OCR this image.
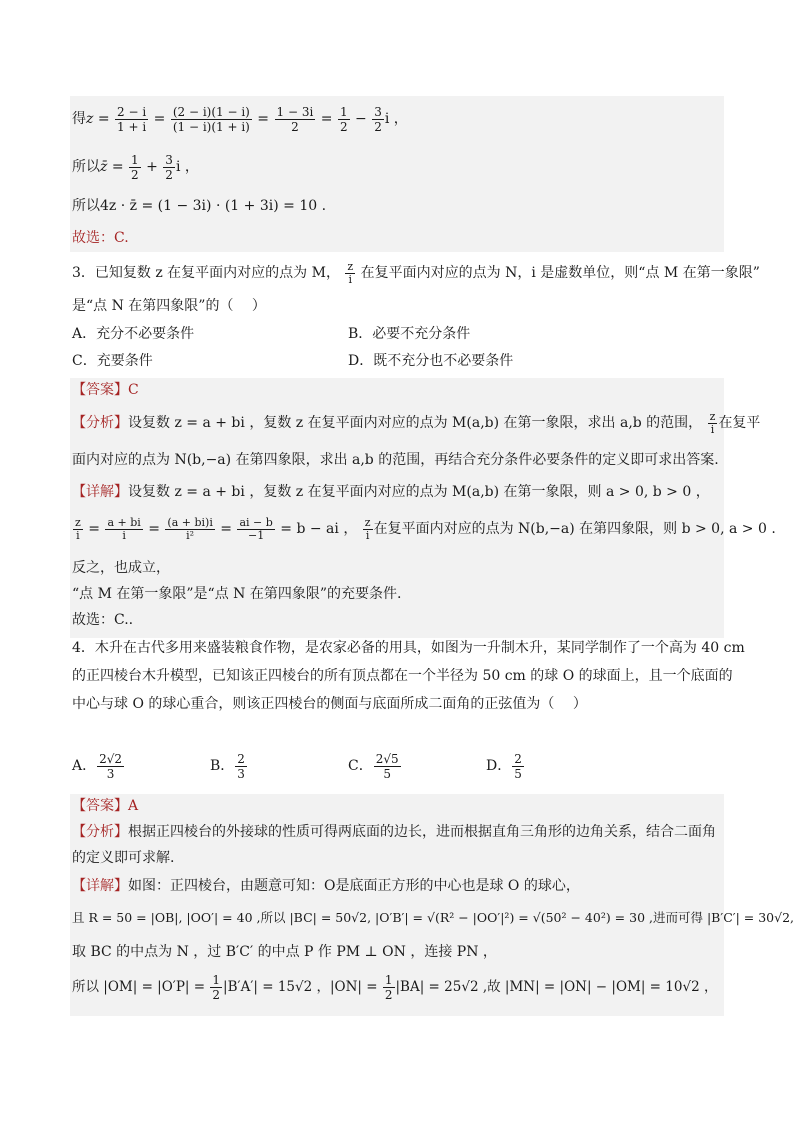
得$z = \frac{2 - i}{1 + i} = \frac{(2 - i)(1 - i)}{(1 - i)(1 + i)} = \frac{1 - 3i}{2} = \frac{1}{2} - \frac{3}{2}$ i ，
所以z̄ = $\frac{1}{2} + \frac{3}{2}$ i ，
所以4z · z̄ = (1 − 3i) · (1 + 3i) = 10 .
故选：C.
3．已知复数 z 在复平面内对应的点为 M， $\frac{z}{i}$ 在复平面内对应的点为 N，i 是虚数单位，则“点 M 在第一象限”
是“点 N 在第四象限”的（　 ）
A．充分不必要条件	B．必要不充分条件
C．充要条件	D．既不充分也不必要条件
【答案】C
【分析】设复数 z = a + bi ，复数 z 在复平面内对应的点为 M(a,b) 在第一象限，求出 a,b 的范围， $\frac{z}{i}$ 在复平
面内对应的点为 N(b,−a) 在第四象限，求出 a,b 的范围，再结合充分条件必要条件的定义即可求出答案.
【详解】设复数 z = a + bi ，复数 z 在复平面内对应的点为 M(a,b) 在第一象限，则 a > 0, b > 0 ，
$\frac{z}{i} = \frac{a + bi}{i} = \frac{(a + bi)i}{\text{i²}} = \frac{ai - b}{-1} = b$ − ai ， $\frac{z}{i}$ 在复平面内对应的点为 N(b,−a) 在第四象限，则 b > 0, a > 0 .
反之，也成立，
“点 M 在第一象限”是“点 N 在第四象限”的充要条件.
故选：C..
4．木升在古代多用来盛装粮食作物，是农家必备的用具，如图为一升制木升，某同学制作了一个高为 40 cm
的正四棱台木升模型，已知该正四棱台的所有顶点都在一个半径为 50 cm 的球 O 的球面上，且一个底面的
中心与球 O 的球心重合，则该正四棱台的侧面与底面所成二面角的正弦值为（　 ）
A． $\frac{2√2}{3}$	B． $\frac{2}{3}$	C． $\frac{2√5}{5}$	D． $\frac{2}{5}$
【答案】A
【分析】根据正四棱台的外接球的性质可得两底面的边长，进而根据直角三角形的边角关系，结合二面角
的定义即可求解.
【详解】如图：正四棱台，由题意可知：O是底面正方形的中心也是球 O 的球心，
且 R = 50 = |OB|, |OO′| = 40 ,所以 |BC| = 50√2, |O′B′| = √(R² − |OO′|²) = √(50² − 40²) = 30 ,进而可得 |B′C′| = 30√2,
取 BC 的中点为 N ，过 B′C′ 的中点 P 作 PM ⊥ ON ，连接 PN ，
所以 $|OM| = |O'P| = \frac{1}{2} |B'A'| = 15√2$ ，$|ON| = \frac{1}{2} |BA| = 25√2$ ,故 |MN| = |ON| − |OM| = 10√2 ，
